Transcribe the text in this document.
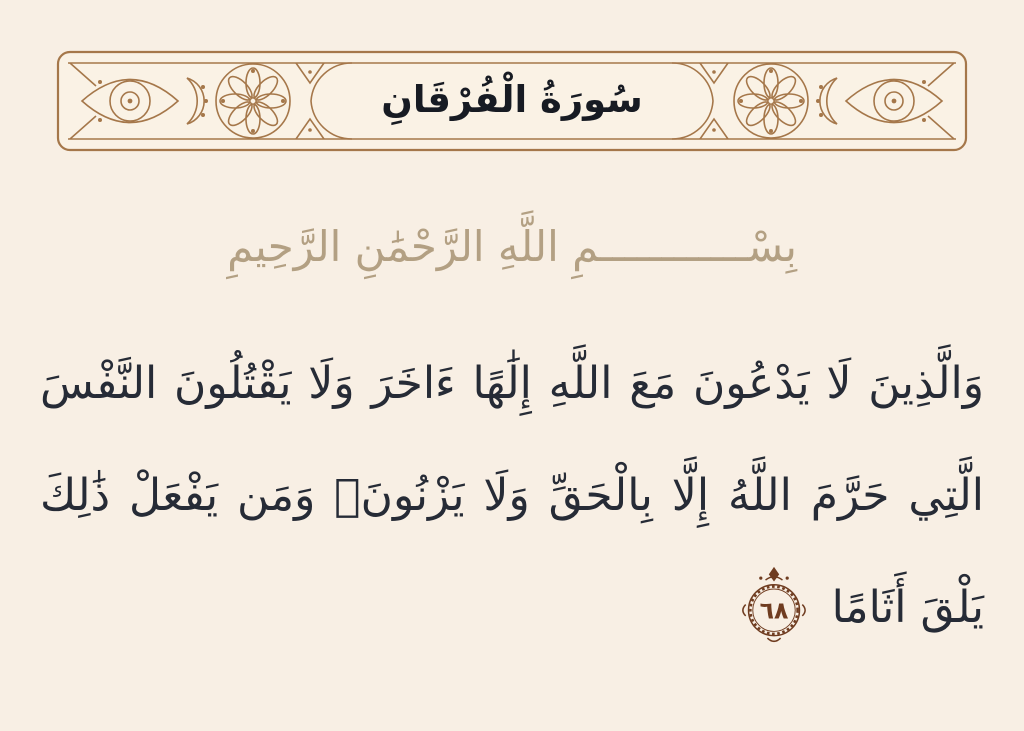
سُورَةُ الْفُرْقَانِ
بِسْــــــــــــمِ اللَّهِ الرَّحْمَٰنِ الرَّحِيمِ
وَالَّذِينَ لَا يَدْعُونَ مَعَ اللَّهِ إِلَٰهًا ءَاخَرَ وَلَا يَقْتُلُونَ النَّفْسَ
الَّتِي حَرَّمَ اللَّهُ إِلَّا بِالْحَقِّ وَلَا يَزْنُونَۚ وَمَن يَفْعَلْ ذَٰلِكَ
يَلْقَ أَثَامًا
٦٨
